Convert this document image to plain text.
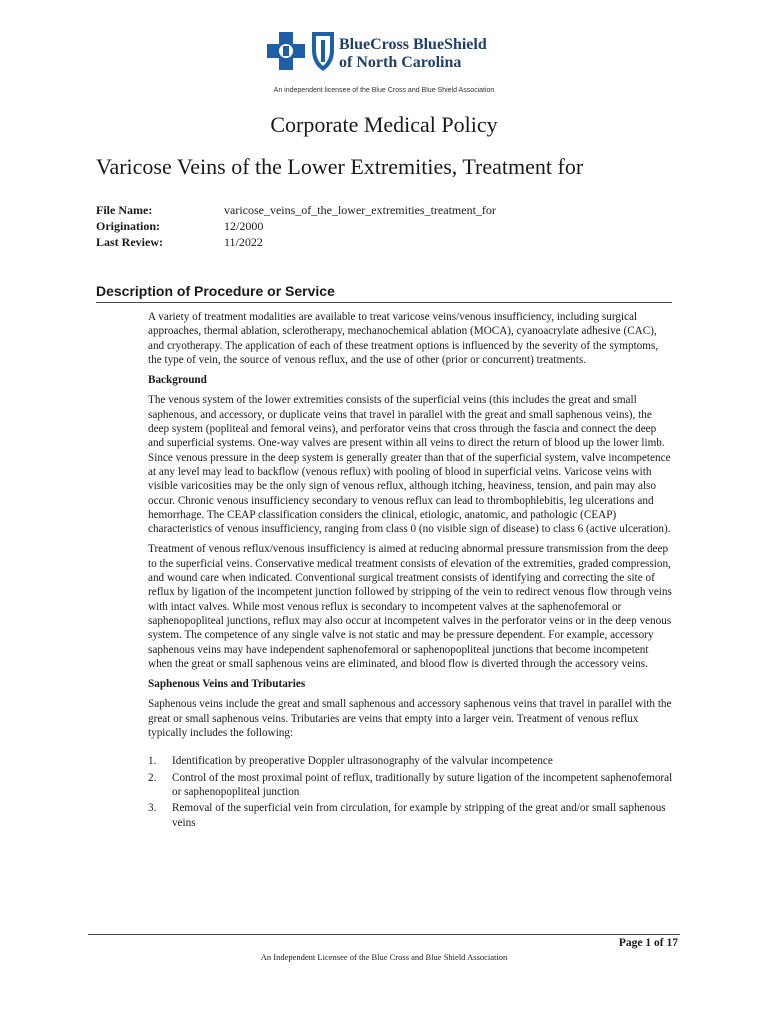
BlueCross BlueShield
of North Carolina
An independent licensee of the Blue Cross and Blue Shield Association
Corporate Medical Policy
Varicose Veins of the Lower Extremities, Treatment for
File Name:	varicose_veins_of_the_lower_extremities_treatment_for
Origination:	12/2000
Last Review:	11/2022
Description of Procedure or Service

A variety of treatment modalities are available to treat varicose veins/venous insufficiency, including surgical approaches, thermal ablation, sclerotherapy, mechanochemical ablation (MOCA), cyanoacrylate adhesive (CAC), and cryotherapy. The application of each of these treatment options is influenced by the severity of the symptoms, the type of vein, the source of venous reflux, and the use of other (prior or concurrent) treatments.

Background

The venous system of the lower extremities consists of the superficial veins (this includes the great and small saphenous, and accessory, or duplicate veins that travel in parallel with the great and small saphenous veins), the deep system (popliteal and femoral veins), and perforator veins that cross through the fascia and connect the deep and superficial systems. One-way valves are present within all veins to direct the return of blood up the lower limb. Since venous pressure in the deep system is generally greater than that of the superficial system, valve incompetence at any level may lead to backflow (venous reflux) with pooling of blood in superficial veins. Varicose veins with visible varicosities may be the only sign of venous reflux, although itching, heaviness, tension, and pain may also occur. Chronic venous insufficiency secondary to venous reflux can lead to thrombophlebitis, leg ulcerations and hemorrhage. The CEAP classification considers the clinical, etiologic, anatomic, and pathologic (CEAP) characteristics of venous insufficiency, ranging from class 0 (no visible sign of disease) to class 6 (active ulceration).

Treatment of venous reflux/venous insufficiency is aimed at reducing abnormal pressure transmission from the deep to the superficial veins. Conservative medical treatment consists of elevation of the extremities, graded compression, and wound care when indicated. Conventional surgical treatment consists of identifying and correcting the site of reflux by ligation of the incompetent junction followed by stripping of the vein to redirect venous flow through veins with intact valves. While most venous reflux is secondary to incompetent valves at the saphenofemoral or saphenopopliteal junctions, reflux may also occur at incompetent valves in the perforator veins or in the deep venous system. The competence of any single valve is not static and may be pressure dependent. For example, accessory saphenous veins may have independent saphenofemoral or saphenopopliteal junctions that become incompetent when the great or small saphenous veins are eliminated, and blood flow is diverted through the accessory veins.

Saphenous Veins and Tributaries

Saphenous veins include the great and small saphenous and accessory saphenous veins that travel in parallel with the great or small saphenous veins. Tributaries are veins that empty into a larger vein. Treatment of venous reflux typically includes the following:

1.	Identification by preoperative Doppler ultrasonography of the valvular incompetence
2.	Control of the most proximal point of reflux, traditionally by suture ligation of the incompetent saphenofemoral or saphenopopliteal junction
3.	Removal of the superficial vein from circulation, for example by stripping of the great and/or small saphenous veins
Page 1 of 17
An Independent Licensee of the Blue Cross and Blue Shield Association
